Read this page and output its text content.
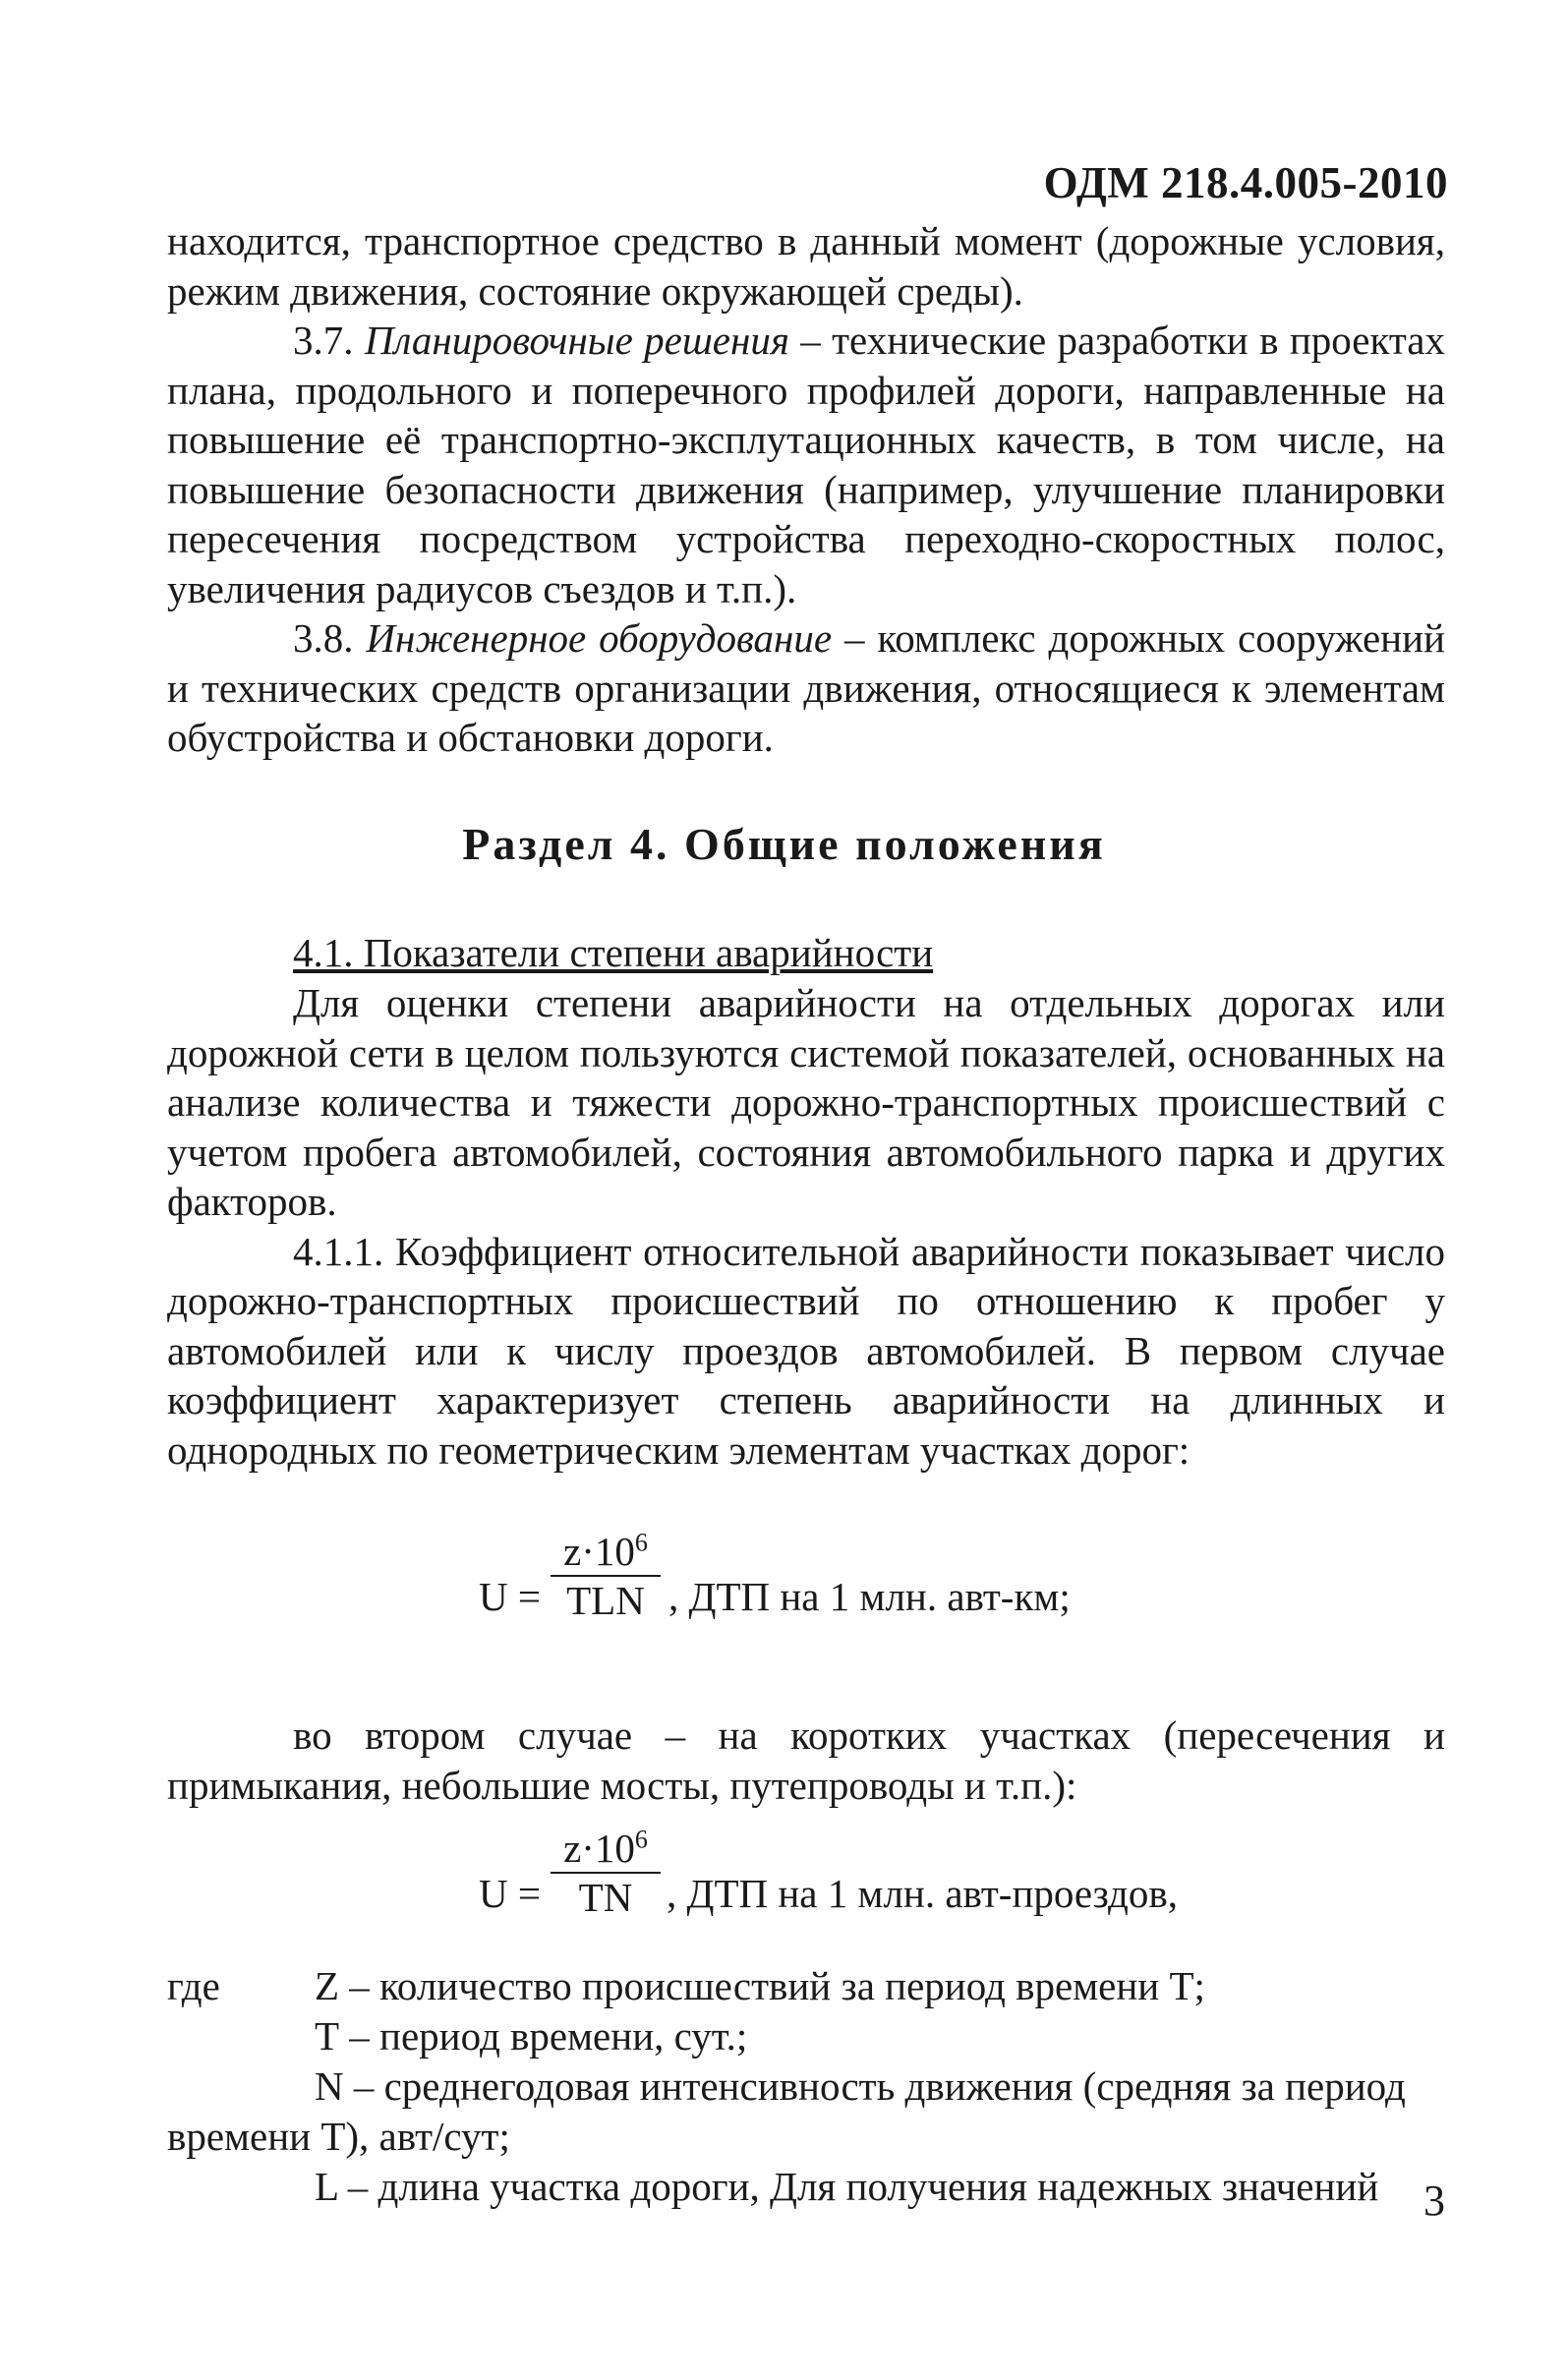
ОДМ 218.4.005-2010

находится, транспортное средство в данный момент (дорожные условия, режим движения, состояние окружающей среды).

3.7. Планировочные решения – технические разработки в проектах плана, продольного и поперечного профилей дороги, направленные на повышение её транспортно-эксплутационных качеств, в том числе, на повышение безопасности движения (например, улучшение планировки пересечения посредством устройства переходно-скоростных полос, увеличения радиусов съездов и т.п.).

3.8. Инженерное оборудование – комплекс дорожных сооружений и технических средств организации движения, относящиеся к элементам обустройства и обстановки дороги.

Раздел 4. Общие положения
4.1. Показатели степени аварийности

Для оценки степени аварийности на отдельных дорогах или дорожной сети в целом пользуются системой показателей, основанных на анализе количества и тяжести дорожно-транспортных происшествий с учетом пробега автомобилей, состояния автомобильного парка и других факторов.

4.1.1. Коэффициент относительной аварийности показывает число дорожно-транспортных происшествий по отношению к пробег у автомобилей или к числу проездов автомобилей. В первом случае коэффициент характеризует степень аварийности на длинных и однородных по геометрическим элементам участках дорог:

U =
$z\cdot 10^6$
TLN , ДТП на 1 млн. авт-км;

во втором случае – на коротких участках (пересечения и примыкания, небольшие мосты, путепроводы и т.п.):

$U = \frac{z\cdot 10^6}{TN}$ , ДТП на 1 млн. авт-проездов,
где Z – количество происшествий за период времени Т;
Т – период времени, сут.;
N – среднегодовая интенсивность движения (средняя за период
времени Т), авт/сут;
L – длина участка дороги, Для получения надежных значений 3
